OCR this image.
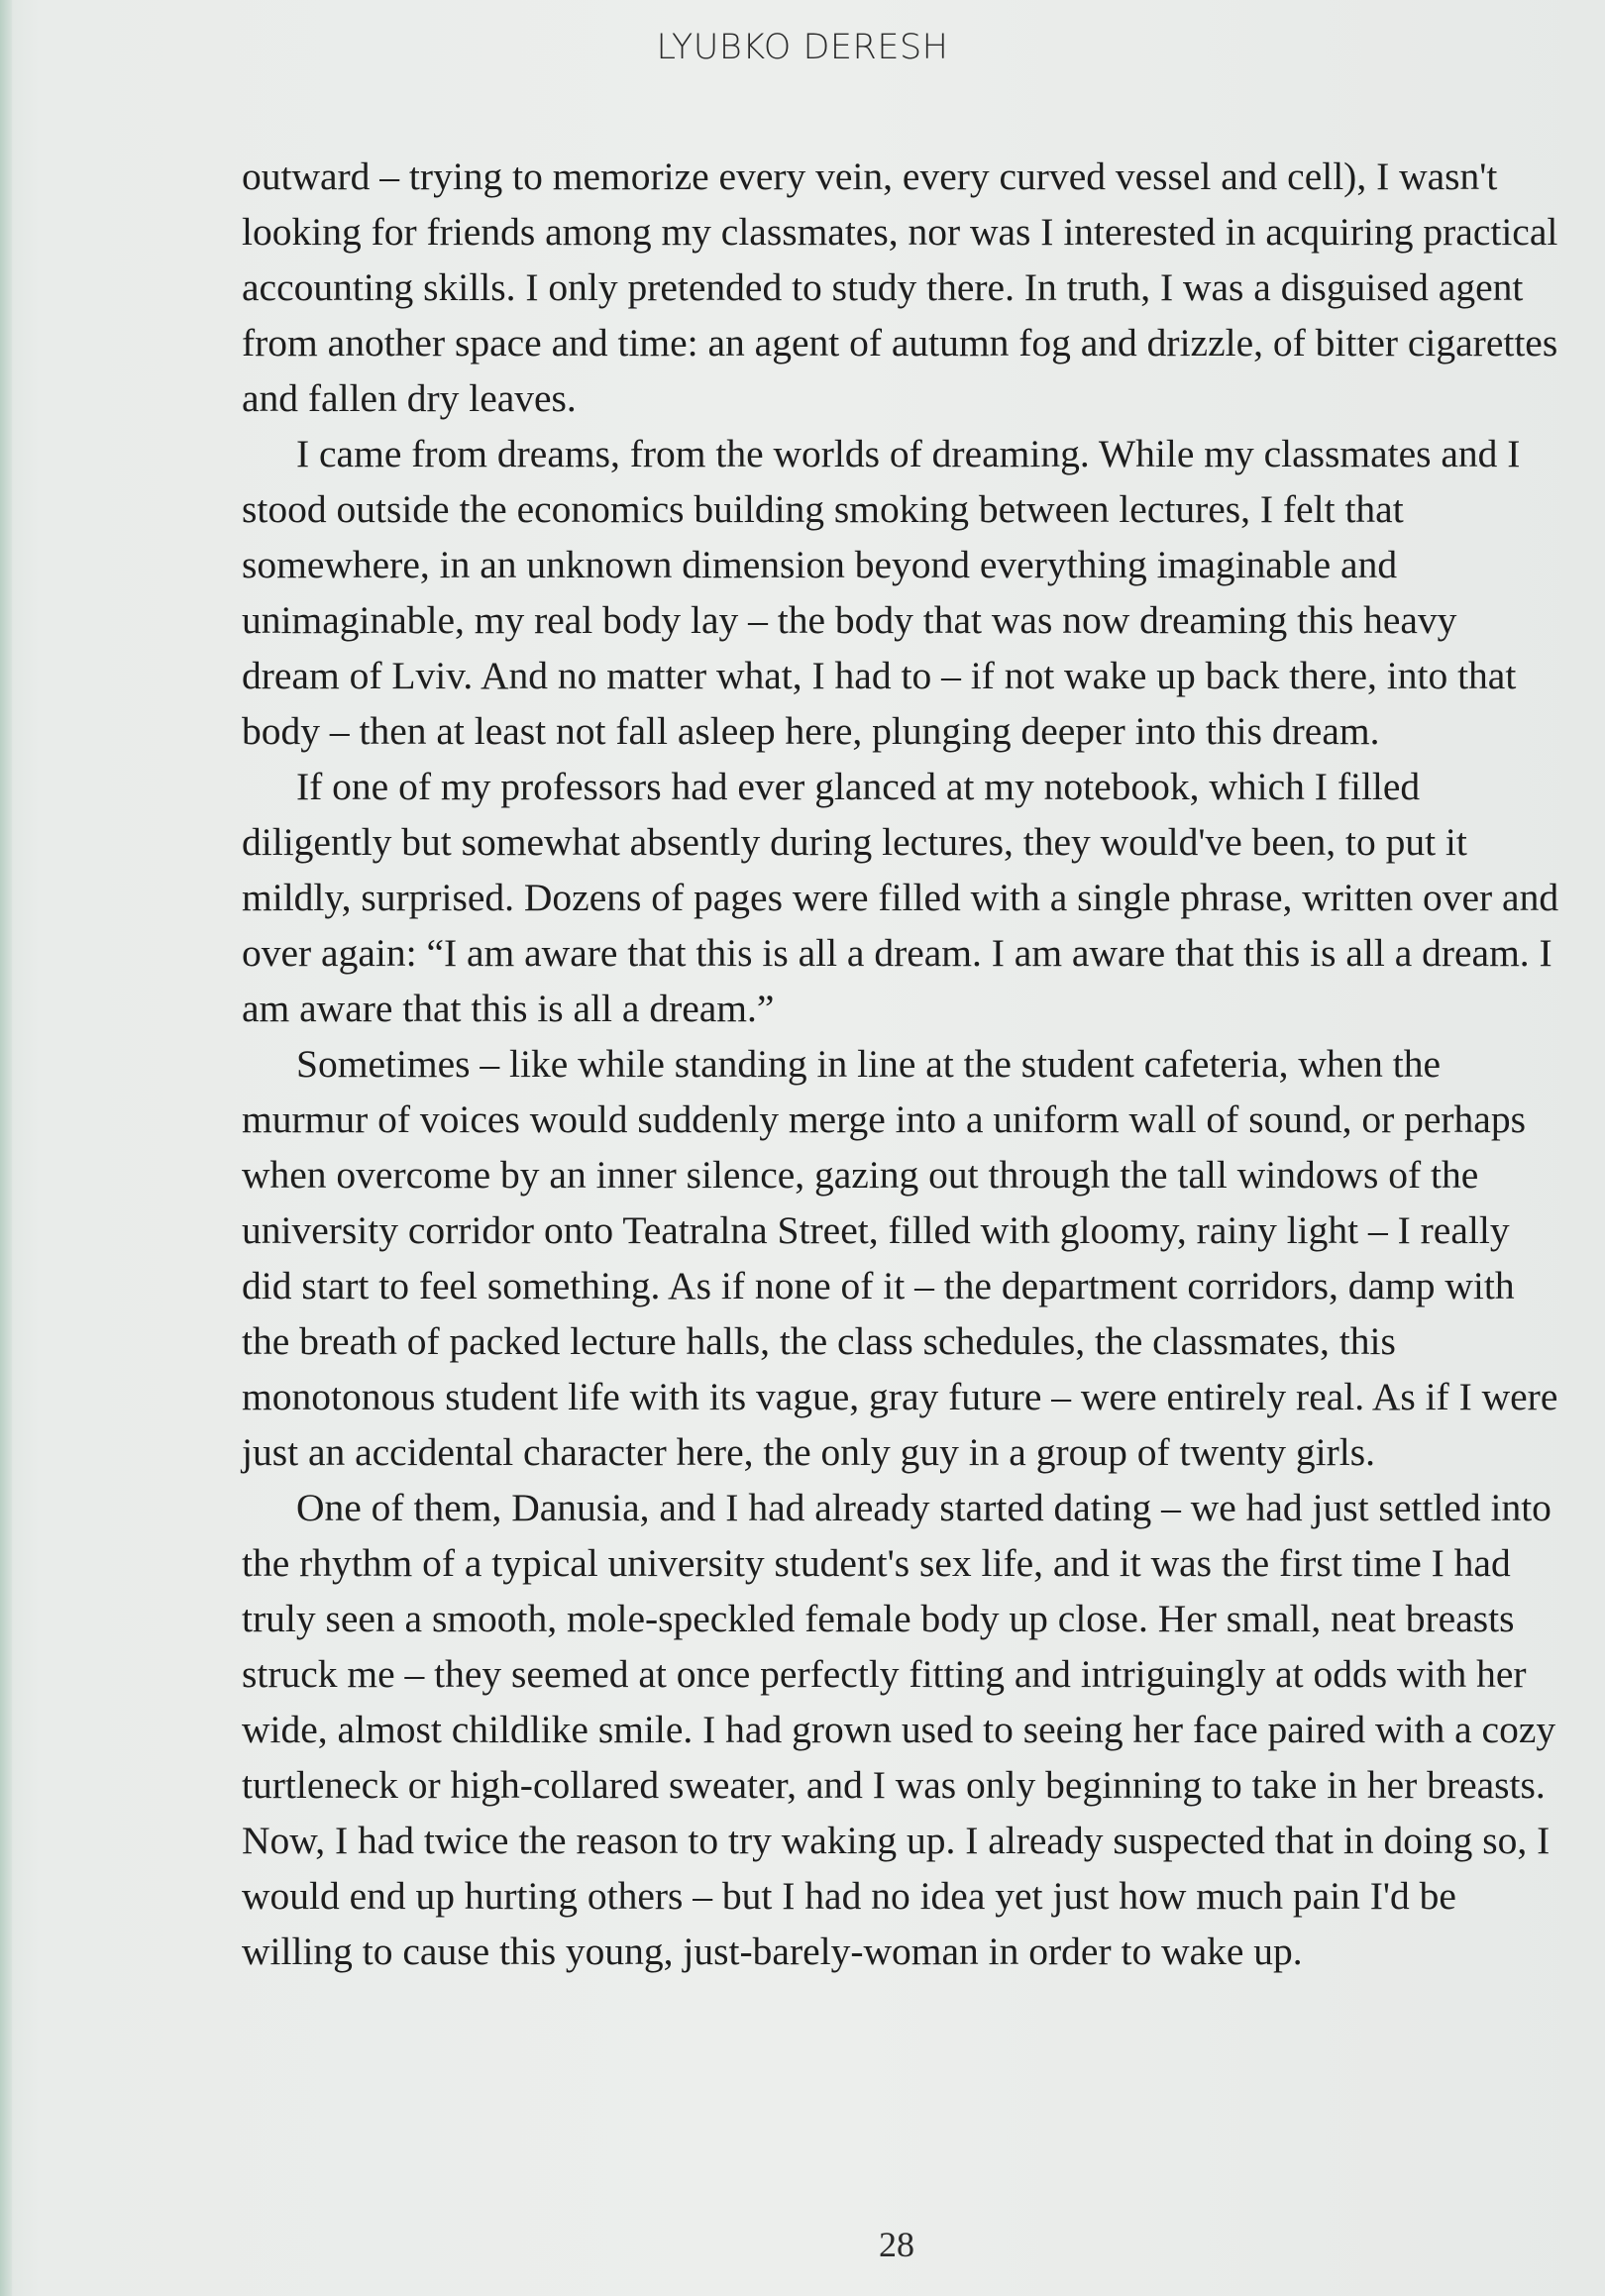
LYUBKO DERESH

outward – trying to memorize every vein, every curved vessel and cell), I wasn't looking for friends among my classmates, nor was I interested in acquiring practical accounting skills. I only pretended to study there. In truth, I was a disguised agent from another space and time: an agent of autumn fog and drizzle, of bitter cigarettes and fallen dry leaves.

I came from dreams, from the worlds of dreaming. While my classmates and I stood outside the economics building smoking between lectures, I felt that somewhere, in an unknown dimension beyond everything imaginable and unimaginable, my real body lay – the body that was now dreaming this heavy dream of Lviv. And no matter what, I had to – if not wake up back there, into that body – then at least not fall asleep here, plunging deeper into this dream.

If one of my professors had ever glanced at my notebook, which I filled diligently but somewhat absently during lectures, they would've been, to put it mildly, surprised. Dozens of pages were filled with a single phrase, written over and over again: “I am aware that this is all a dream. I am aware that this is all a dream. I am aware that this is all a dream.”

Sometimes – like while standing in line at the student cafeteria, when the murmur of voices would suddenly merge into a uniform wall of sound, or perhaps when overcome by an inner silence, gazing out through the tall windows of the university corridor onto Teatralna Street, filled with gloomy, rainy light – I really did start to feel something. As if none of it – the department corridors, damp with the breath of packed lecture halls, the class schedules, the classmates, this monotonous student life with its vague, gray future – were entirely real. As if I were just an accidental character here, the only guy in a group of twenty girls.

One of them, Danusia, and I had already started dating – we had just settled into the rhythm of a typical university student's sex life, and it was the first time I had truly seen a smooth, mole-speckled female body up close. Her small, neat breasts struck me – they seemed at once perfectly fitting and intriguingly at odds with her wide, almost childlike smile. I had grown used to seeing her face paired with a cozy turtleneck or high-collared sweater, and I was only beginning to take in her breasts. Now, I had twice the reason to try waking up. I already suspected that in doing so, I would end up hurting others – but I had no idea yet just how much pain I'd be willing to cause this young, just-barely-woman in order to wake up.

28
